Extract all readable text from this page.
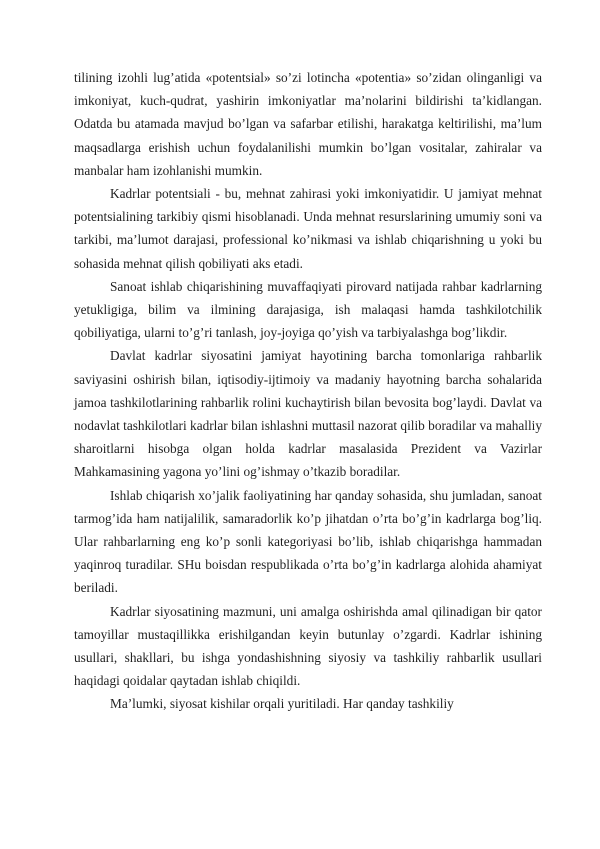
tilining izohli lug’atida «potentsial» so’zi lotincha «potentia» so’zidan olinganligi va imkoniyat, kuch-qudrat, yashirin imkoniyatlar ma’nolarini bildirishi ta’kidlangan. Odatda bu atamada mavjud bo’lgan va safarbar etilishi, harakatga keltirilishi, ma’lum maqsadlarga erishish uchun foydalanilishi mumkin bo’lgan vositalar, zahiralar va manbalar ham izohlanishi mumkin.

Kadrlar potentsiali - bu, mehnat zahirasi yoki imkoniyatidir. U jamiyat mehnat potentsialining tarkibiy qismi hisoblanadi. Unda mehnat resurslarining umumiy soni va tarkibi, ma’lumot darajasi, professional ko’nikmasi va ishlab chiqarishning u yoki bu sohasida mehnat qilish qobiliyati aks etadi.

Sanoat ishlab chiqarishining muvaffaqiyati pirovard natijada rahbar kadrlarning yetukligiga, bilim va ilmining darajasiga, ish malaqasi hamda tashkilotchilik qobiliyatiga, ularni to’g’ri tanlash, joy-joyiga qo’yish va tarbiyalashga bog’likdir.

Davlat kadrlar siyosatini jamiyat hayotining barcha tomonlariga rahbarlik saviyasini oshirish bilan, iqtisodiy-ijtimoiy va madaniy hayotning barcha sohalarida jamoa tashkilotlarining rahbarlik rolini kuchaytirish bilan bevosita bog’laydi. Davlat va nodavlat tashkilotlari kadrlar bilan ishlashni muttasil nazorat qilib boradilar va mahalliy sharoitlarni hisobga olgan holda kadrlar masalasida Prezident va Vazirlar Mahkamasining yagona yo’lini og’ishmay o’tkazib boradilar.

Ishlab chiqarish xo’jalik faoliyatining har qanday sohasida, shu jumladan, sanoat tarmog’ida ham natijalilik, samaradorlik ko’p jihatdan o’rta bo’g’in kadrlarga bog’liq. Ular rahbarlarning eng ko’p sonli kategoriyasi bo’lib, ishlab chiqarishga hammadan yaqinroq turadilar. SHu boisdan respublikada o’rta bo’g’in kadrlarga alohida ahamiyat beriladi.

Kadrlar siyosatining mazmuni, uni amalga oshirishda amal qilinadigan bir qator tamoyillar mustaqillikka erishilgandan keyin butunlay o’zgardi. Kadrlar ishining usullari, shakllari, bu ishga yondashishning siyosiy va tashkiliy rahbarlik usullari haqidagi qoidalar qaytadan ishlab chiqildi.

Ma’lumki, siyosat kishilar orqali yuritiladi. Har qanday tashkiliy
